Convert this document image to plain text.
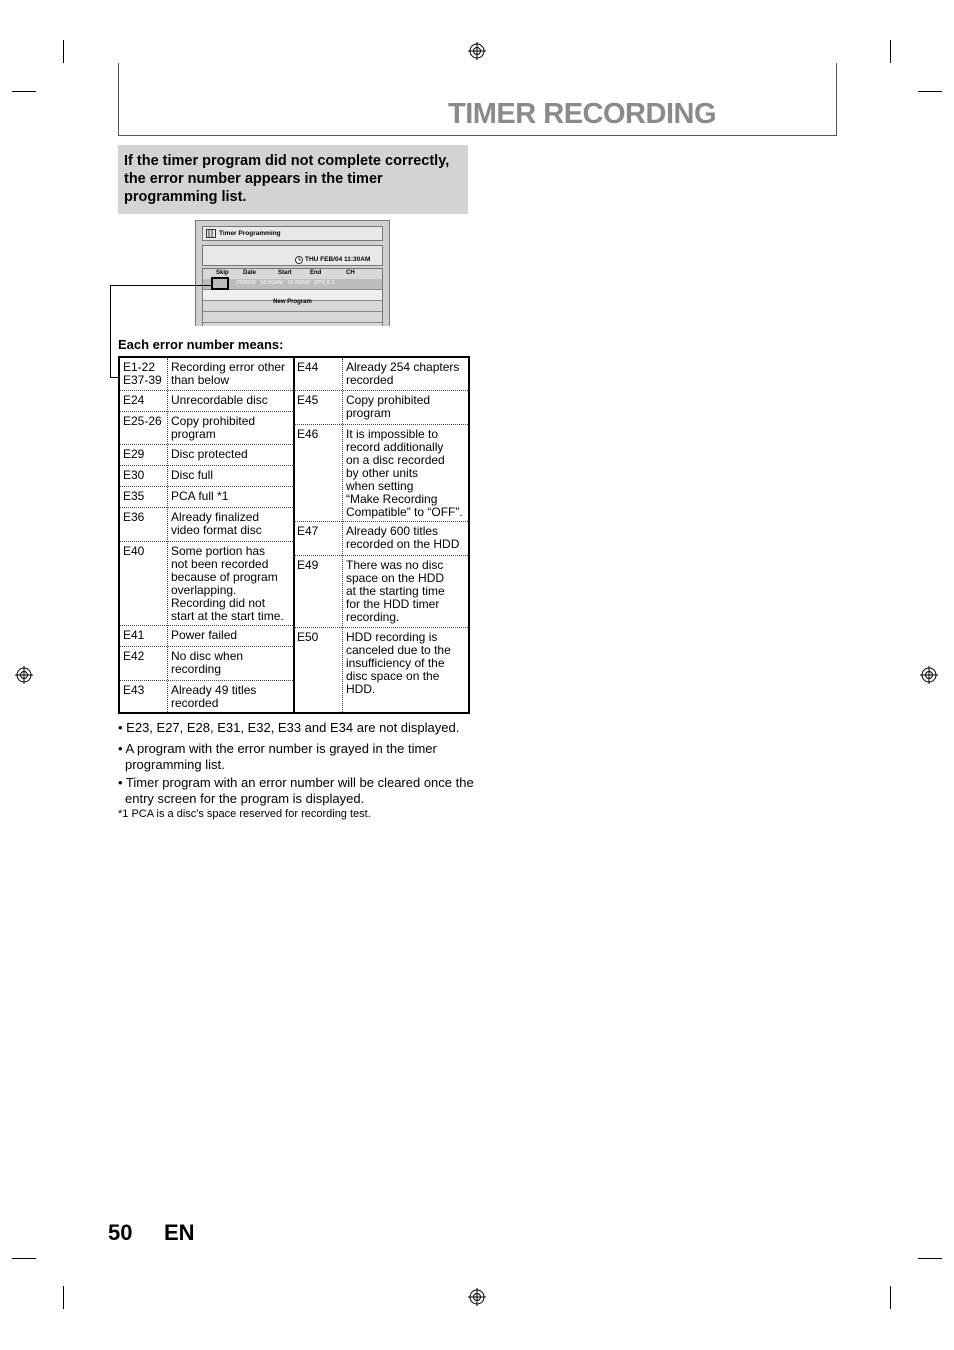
TIMER RECORDING
If the timer program did not complete correctly, the error number appears in the timer programming list.
Timer Programming
THU FEB/04 11:30AM
Skip Date	Start	End	CH
FEB/05   10:00AM   11:00AM   DTV 6.1
New Program
Each error number means:
E1-22
E37-39
Recording error other
than below
E24 Unrecordable disc
E25-26 Copy prohibited
program
E29 Disc protected
E30 Disc full
E35 PCA full *1
E36 Already finalized
video format disc
E40 Some portion has
not been recorded
because of program
overlapping.
Recording did not
start at the start time.
E41 Power failed
E42 No disc when
recording
E43 Already 49 titles
recorded
E44 Already 254 chapters
recorded
E45 Copy prohibited
program
E46 It is impossible to
record additionally
on a disc recorded
by other units
when setting
“Make Recording
Compatible” to “OFF”.
E47 Already 600 titles
recorded on the HDD
E49 There was no disc
space on the HDD
at the starting time
for the HDD timer
recording.
E50 HDD recording is
canceled due to the
insufficiency of the
disc space on the
HDD.
• E23, E27, E28, E31, E32, E33 and E34 are not displayed.
• A program with the error number is grayed in the timer programming list.
• Timer program with an error number will be cleared once the entry screen for the program is displayed.
*1 PCA is a disc's space reserved for recording test.
50 EN
